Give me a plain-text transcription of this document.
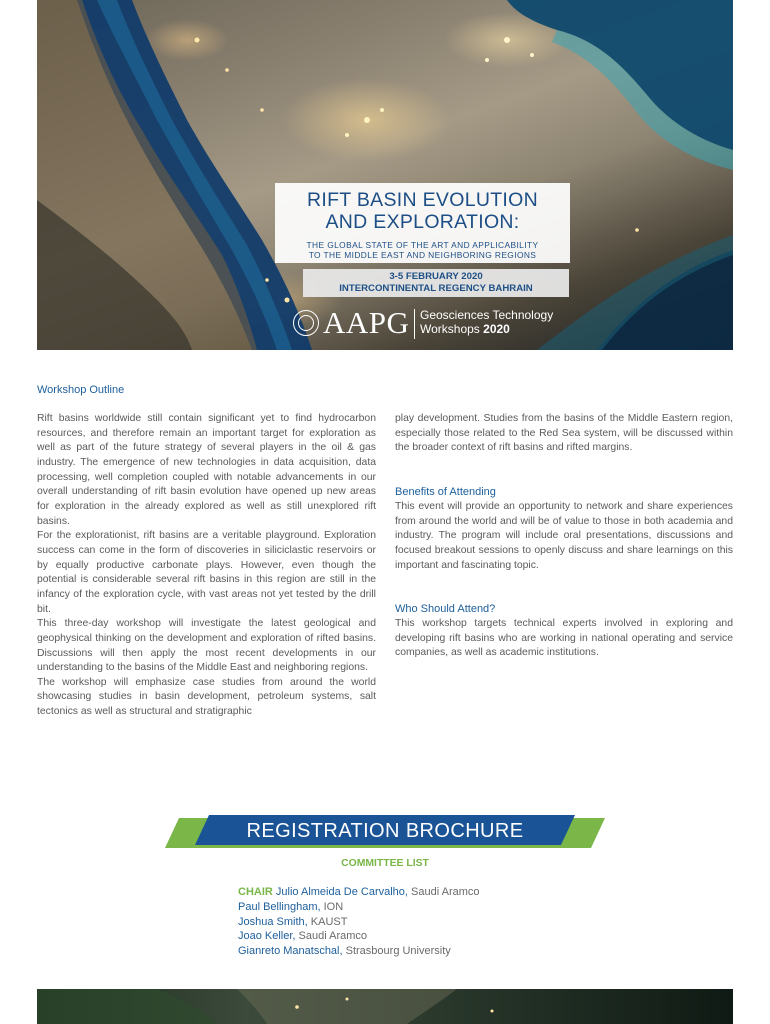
RIFT BASIN EVOLUTION
AND EXPLORATION:
THE GLOBAL STATE OF THE ART AND APPLICABILITY
TO THE MIDDLE EAST AND NEIGHBORING REGIONS
3-5 FEBRUARY 2020
INTERCONTINENTAL REGENCY BAHRAIN
AAPG Geosciences Technology
Workshops 2020
Workshop Outline

Rift basins worldwide still contain significant yet to find hydrocarbon resources, and therefore remain an important target for exploration as well as part of the future strategy of several players in the oil & gas industry. The emergence of new technologies in data acquisition, data processing, well completion coupled with notable advancements in our overall understanding of rift basin evolution have opened up new areas for exploration in the already explored as well as still unexplored rift basins.

For the explorationist, rift basins are a veritable playground. Exploration success can come in the form of discoveries in siliciclastic reservoirs or by equally productive carbonate plays. However, even though the potential is considerable several rift basins in this region are still in the infancy of the exploration cycle, with vast areas not yet tested by the drill bit.

This three-day workshop will investigate the latest geological and geophysical thinking on the development and exploration of rifted basins. Discussions will then apply the most recent developments in our understanding to the basins of the Middle East and neighboring regions.

The workshop will emphasize case studies from around the world showcasing studies in basin development, petroleum systems, salt tectonics as well as structural and stratigraphic

play development. Studies from the basins of the Middle Eastern region, especially those related to the Red Sea system, will be discussed within the broader context of rift basins and rifted margins.

Benefits of Attending

This event will provide an opportunity to network and share experiences from around the world and will be of value to those in both academia and industry. The program will include oral presentations, discussions and focused breakout sessions to openly discuss and share learnings on this important and fascinating topic.

Who Should Attend?

This workshop targets technical experts involved in exploring and developing rift basins who are working in national operating and service companies, as well as academic institutions.

REGISTRATION BROCHURE
COMMITTEE LIST
CHAIR Julio Almeida De Carvalho, Saudi Aramco
Paul Bellingham, ION
Joshua Smith, KAUST
Joao Keller, Saudi Aramco
Gianreto Manatschal, Strasbourg University
